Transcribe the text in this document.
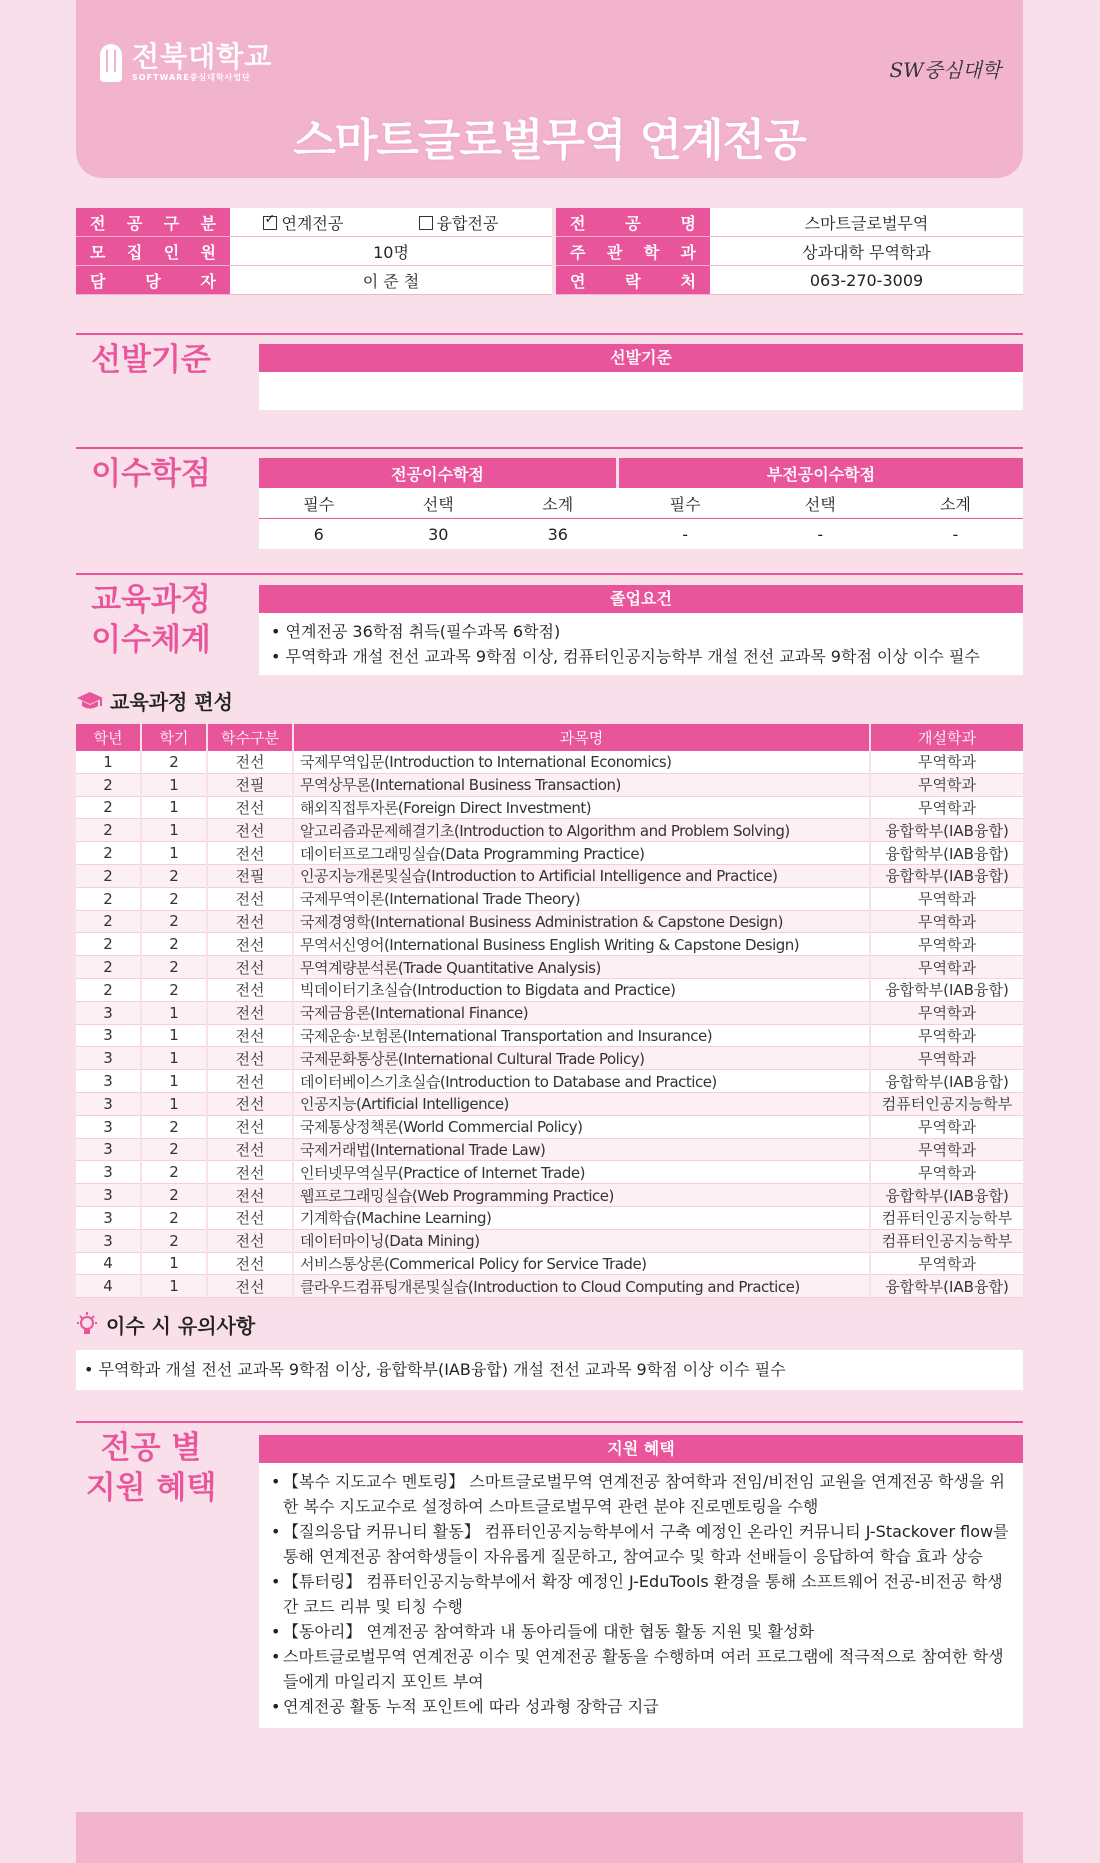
전북대학교
SOFTWARE중심대학사업단	SW중심대학
스마트글로벌무역 연계전공
전 공 구 분	✓연계전공 융합전공		전 공 명	스마트글로벌무역
모 집 인 원	10명		주 관 학 과	상과대학 무역학과
담 당 자	이 준 철		연 락 처	063-270-3009
선발기준	선발기준
이수학점	전공이수학점			부전공이수학점		
필수	선택	소계	필수	선택	소계
6	30	36	-	-	-
교육과정
이수체계
졸업요건
• 연계전공 36학점 취득(필수과목 6학점)
• 무역학과 개설 전선 교과목 9학점 이상, 컴퓨터인공지능학부 개설 전선 교과목 9학점 이상 이수 필수
교육과정 편성
학년	학기	학수구분	과목명	개설학과
1	2	전선	국제무역입문(Introduction to International Economics)	무역학과
2	1	전필	무역상무론(International Business Transaction)	무역학과
2	1	전선	해외직접투자론(Foreign Direct Investment)	무역학과
2	1	전선	알고리즘과문제해결기초(Introduction to Algorithm and Problem Solving)	융합학부(IAB융합)
2	1	전선	데이터프로그래밍실습(Data Programming Practice)	융합학부(IAB융합)
2	2	전필	인공지능개론및실습(Introduction to Artificial Intelligence and Practice)	융합학부(IAB융합)
2	2	전선	국제무역이론(International Trade Theory)	무역학과
2	2	전선	국제경영학(International Business Administration & Capstone Design)	무역학과
2	2	전선	무역서신영어(International Business English Writing & Capstone Design)	무역학과
2	2	전선	무역계량분석론(Trade Quantitative Analysis)	무역학과
2	2	전선	빅데이터기초실습(Introduction to Bigdata and Practice)	융합학부(IAB융합)
3	1	전선	국제금융론(International Finance)	무역학과
3	1	전선	국제운송·보험론(International Transportation and Insurance)	무역학과
3	1	전선	국제문화통상론(International Cultural Trade Policy)	무역학과
3	1	전선	데이터베이스기초실습(Introduction to Database and Practice)	융합학부(IAB융합)
3	1	전선	인공지능(Artificial Intelligence)	컴퓨터인공지능학부
3	2	전선	국제통상정책론(World Commercial Policy)	무역학과
3	2	전선	국제거래법(International Trade Law)	무역학과
3	2	전선	인터넷무역실무(Practice of Internet Trade)	무역학과
3	2	전선	웹프로그래밍실습(Web Programming Practice)	융합학부(IAB융합)
3	2	전선	기계학습(Machine Learning)	컴퓨터인공지능학부
3	2	전선	데이터마이닝(Data Mining)	컴퓨터인공지능학부
4	1	전선	서비스통상론(Commerical Policy for Service Trade)	무역학과
4	1	전선	클라우드컴퓨팅개론및실습(Introduction to Cloud Computing and Practice)	융합학부(IAB융합)
이수 시 유의사항
• 무역학과 개설 전선 교과목 9학점 이상, 융합학부(IAB융합) 개설 전선 교과목 9학점 이상 이수 필수
전공 별
지원 혜택
지원 혜택
• 【복수 지도교수 멘토링】 스마트글로벌무역 연계전공 참여학과 전임/비전임 교원을 연계전공 학생을 위한 복수 지도교수로 설정하여 스마트글로벌무역 관련 분야 진로멘토링을 수행
• 【질의응답 커뮤니티 활동】 컴퓨터인공지능학부에서 구축 예정인 온라인 커뮤니티 J-Stackover flow를 통해 연계전공 참여학생들이 자유롭게 질문하고, 참여교수 및 학과 선배들이 응답하여 학습 효과 상승
• 【튜터링】 컴퓨터인공지능학부에서 확장 예정인 J-EduTools 환경을 통해 소프트웨어 전공-비전공 학생 간 코드 리뷰 및 티칭 수행
• 【동아리】 연계전공 참여학과 내 동아리들에 대한 협동 활동 지원 및 활성화
• 스마트글로벌무역 연계전공 이수 및 연계전공 활동을 수행하며 여러 프로그램에 적극적으로 참여한 학생들에게 마일리지 포인트 부여
• 연계전공 활동 누적 포인트에 따라 성과형 장학금 지급
